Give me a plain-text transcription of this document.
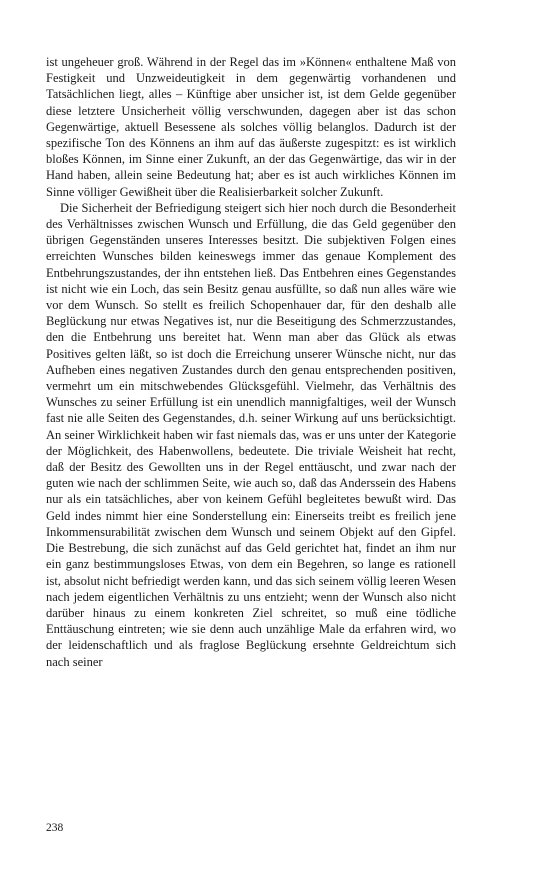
ist ungeheuer groß. Während in der Regel das im »Können« enthaltene Maß von Festigkeit und Unzweideutigkeit in dem gegenwärtig vorhandenen und Tatsächlichen liegt, alles – Künftige aber unsicher ist, ist dem Gelde gegenüber diese letztere Unsicherheit völlig verschwunden, dagegen aber ist das schon Gegenwärtige, aktuell Besessene als solches völlig belanglos. Dadurch ist der spezifische Ton des Könnens an ihm auf das äußerste zugespitzt: es ist wirklich bloßes Können, im Sinne einer Zukunft, an der das Gegenwärtige, das wir in der Hand haben, allein seine Bedeutung hat; aber es ist auch wirkliches Können im Sinne völliger Gewißheit über die Realisierbarkeit solcher Zukunft.

Die Sicherheit der Befriedigung steigert sich hier noch durch die Besonderheit des Verhältnisses zwischen Wunsch und Erfüllung, die das Geld gegenüber den übrigen Gegenständen unseres Interesses besitzt. Die subjektiven Folgen eines erreichten Wunsches bilden keineswegs immer das genaue Komplement des Entbehrungszustandes, der ihn entstehen ließ. Das Entbehren eines Gegenstandes ist nicht wie ein Loch, das sein Besitz genau ausfüllte, so daß nun alles wäre wie vor dem Wunsch. So stellt es freilich Schopenhauer dar, für den deshalb alle Beglückung nur etwas Negatives ist, nur die Beseitigung des Schmerzzustandes, den die Entbehrung uns bereitet hat. Wenn man aber das Glück als etwas Positives gelten läßt, so ist doch die Erreichung unserer Wünsche nicht, nur das Aufheben eines negativen Zustandes durch den genau entsprechenden positiven, vermehrt um ein mitschwebendes Glücksgefühl. Vielmehr, das Verhältnis des Wunsches zu seiner Erfüllung ist ein unendlich mannigfaltiges, weil der Wunsch fast nie alle Seiten des Gegenstandes, d.h. seiner Wirkung auf uns berücksichtigt. An seiner Wirklichkeit haben wir fast niemals das, was er uns unter der Kategorie der Möglichkeit, des Habenwollens, bedeutete. Die triviale Weisheit hat recht, daß der Besitz des Gewollten uns in der Regel enttäuscht, und zwar nach der guten wie nach der schlimmen Seite, wie auch so, daß das Anderssein des Habens nur als ein tatsächliches, aber von keinem Gefühl begleitetes bewußt wird. Das Geld indes nimmt hier eine Sonderstellung ein: Einerseits treibt es freilich jene Inkommensurabilität zwischen dem Wunsch und seinem Objekt auf den Gipfel. Die Bestrebung, die sich zunächst auf das Geld gerichtet hat, findet an ihm nur ein ganz bestimmungsloses Etwas, von dem ein Begehren, so lange es rationell ist, absolut nicht befriedigt werden kann, und das sich seinem völlig leeren Wesen nach jedem eigentlichen Verhältnis zu uns entzieht; wenn der Wunsch also nicht darüber hinaus zu einem konkreten Ziel schreitet, so muß eine tödliche Enttäuschung eintreten; wie sie denn auch unzählige Male da erfahren wird, wo der leidenschaftlich und als fraglose Beglückung ersehnte Geldreichtum sich nach seiner

238
